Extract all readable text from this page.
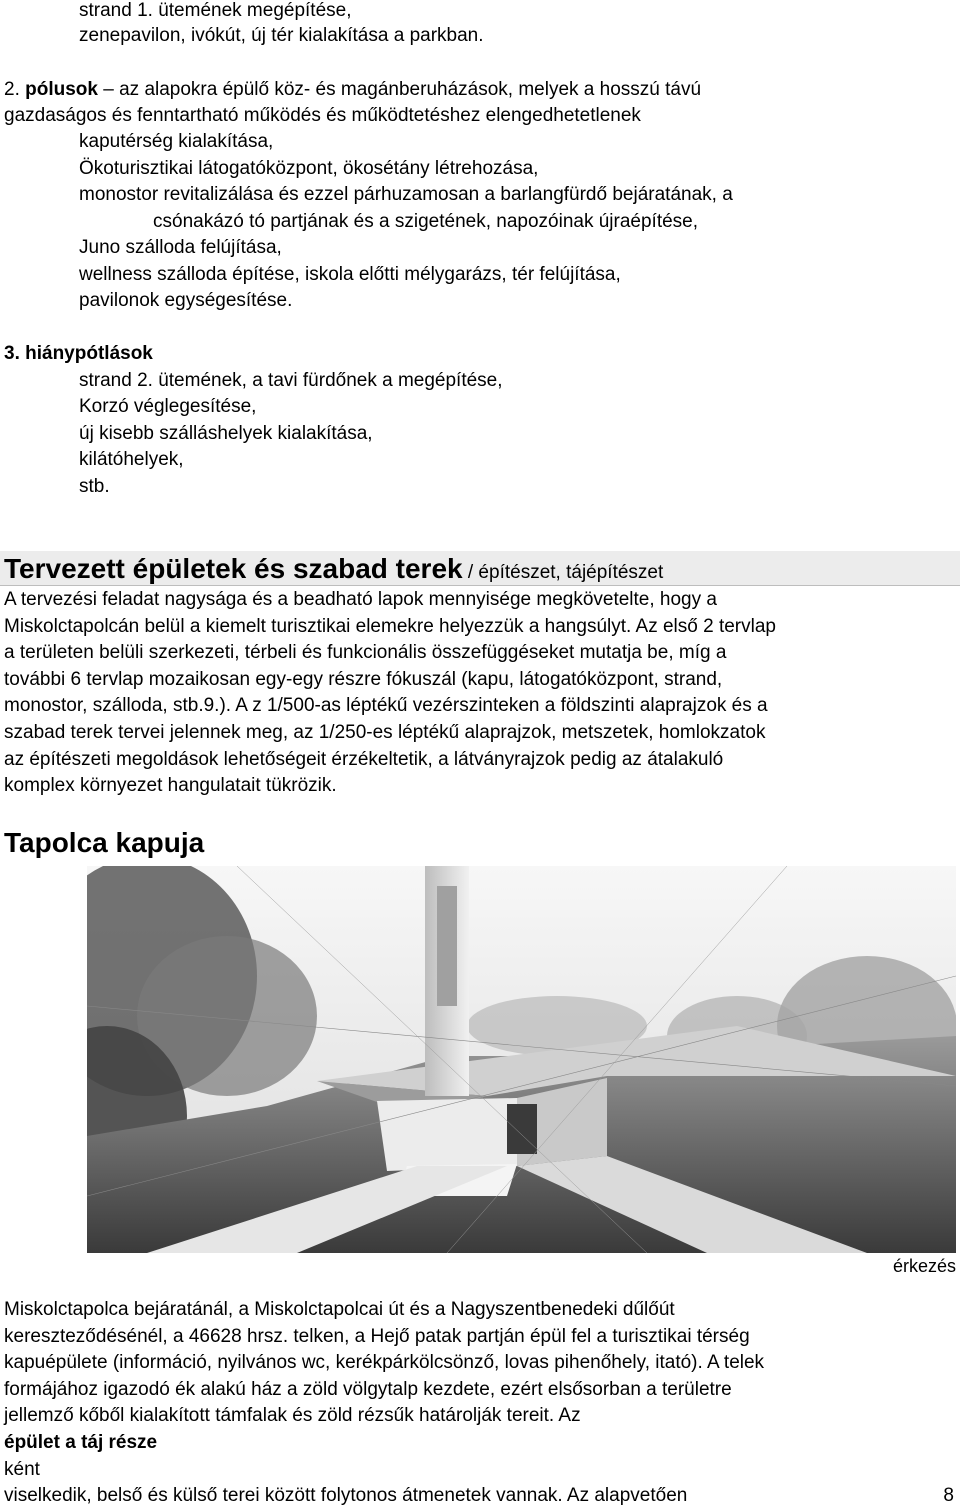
strand 1. ütemének megépítése,
zenepavilon, ivókút, új tér kialakítása a parkban.
2. pólusok – az alapokra épülő köz- és magánberuházások, melyek a hosszú távú
gazdaságos és fenntartható működés és működtetéshez elengedhetetlenek
kaputérség kialakítása,
Ökoturisztikai látogatóközpont, ökosétány létrehozása,
monostor revitalizálása és ezzel párhuzamosan a barlangfürdő bejáratának, a
csónakázó tó partjának és a szigetének, napozóinak újraépítése,
Juno szálloda felújítása,
wellness szálloda építése, iskola előtti mélygarázs, tér felújítása,
pavilonok egységesítése.
3. hiánypótlások
strand 2. ütemének, a tavi fürdőnek a megépítése,
Korzó véglegesítése,
új kisebb szálláshelyek kialakítása,
kilátóhelyek,
stb.
Tervezett épületek és szabad terek / építészet, tájépítészet
A tervezési feladat nagysága és a beadható lapok mennyisége megkövetelte, hogy a
Miskolctapolcán belül a kiemelt turisztikai elemekre helyezzük a hangsúlyt. Az első 2 tervlap
a területen belüli szerkezeti, térbeli és funkcionális összefüggéseket mutatja be, míg a
további 6 tervlap mozaikosan egy-egy részre fókuszál (kapu, látogatóközpont, strand,
monostor, szálloda, stb.9.). A z 1/500-as léptékű vezérszinteken a földszinti alaprajzok és a
szabad terek tervei jelennek meg, az 1/250-es léptékű alaprajzok, metszetek, homlokzatok
az építészeti megoldások lehetőségeit érzékeltetik, a látványrajzok pedig az átalakuló
komplex környezet hangulatait tükrözik.
Tapolca kapuja
érkezés
Miskolctapolca bejáratánál, a Miskolctapolcai út és a Nagyszentbenedeki dűlőút
kereszteződésénél, a 46628 hrsz. telken, a Hejő patak partján épül fel a turisztikai térség
kapuépülete (információ, nyilvános wc, kerékpárkölcsönző, lovas pihenőhely, itató). A telek
formájához igazodó ék alakú ház a zöld völgytalp kezdete, ezért elsősorban a területre
jellemző kőből kialakított támfalak és zöld rézsűk határolják tereit. Az
épület a táj része
ként
viselkedik, belső és külső terei között folytonos átmenetek vannak. Az alapvetően	8
